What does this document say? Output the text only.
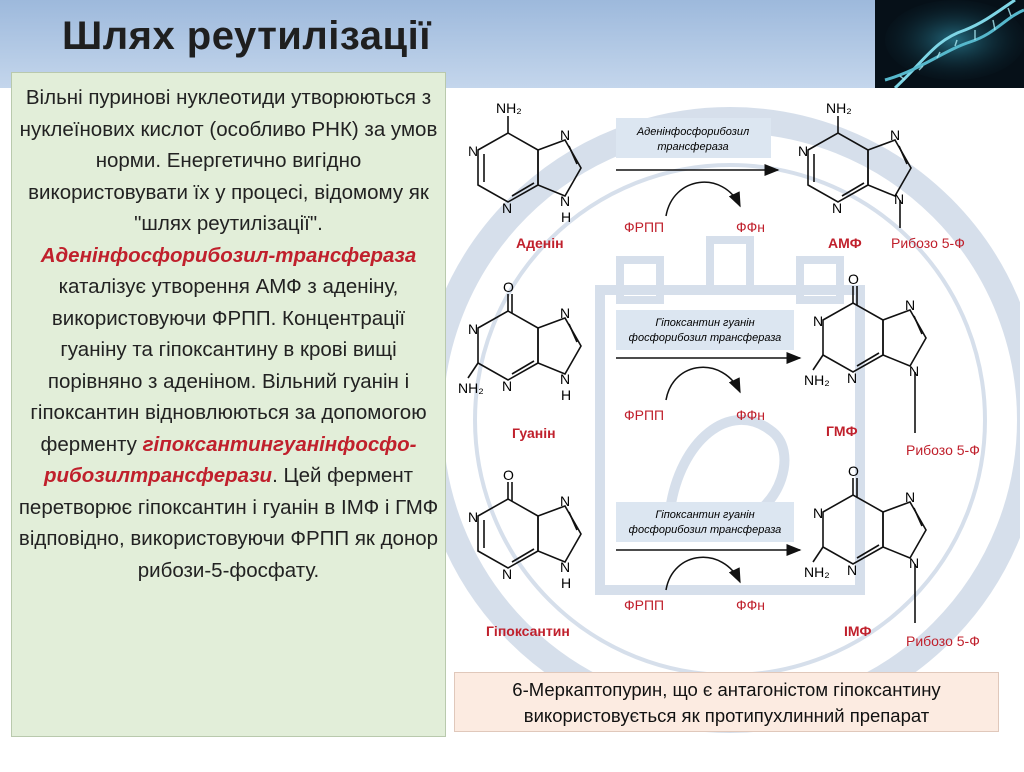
Шлях реутилізації
Вільні пуринові нуклеотиди утворюються з нуклеїнових кислот (особливо РНК) за умов норми. Енергетично вигідно використовувати їх у процесі, відомому як "шлях реутилізації". Аденінфосфорибозил-трансфераза каталізує утворення АМФ з аденіну, використовуючи ФРПП. Концентрації гуаніну та гіпоксантину в крові вищі порівняно з аденіном. Вільний гуанін і гіпоксантин відновлюються за допомогою ферменту гіпоксантингуанінфосфо-рибозилтрансферази. Цей фермент перетворює гіпоксантин і гуанін в ІМФ і ГМФ відповідно, використовуючи ФРПП як донор рибози-5-фосфату.
NH₂
N
N
N
N
H
Аденін
Аденінфосфорибозил
трансфераза
ФРПП	ФФн
NH₂
N
N
N
N
АМФ Рибозо 5-Ф
O
N
NH₂ N
N
N
H
Гуанін
Гіпоксантин гуанін
фосфорибозил трансфераза
ФРПП	ФФн
O
N
NH₂ N
N
N
ГМФ
Рибозо 5-Ф
O
N
N
N
N
H
Гіпоксантин
Гіпоксантин гуанін
фосфорибозил трансфераза
ФРПП	ФФн
O
N
NH₂ N
N
N
ІМФ
Рибозо 5-Ф
6-Меркаптопурин, що є антагоністом гіпоксантину
використовується як протипухлинний препарат
